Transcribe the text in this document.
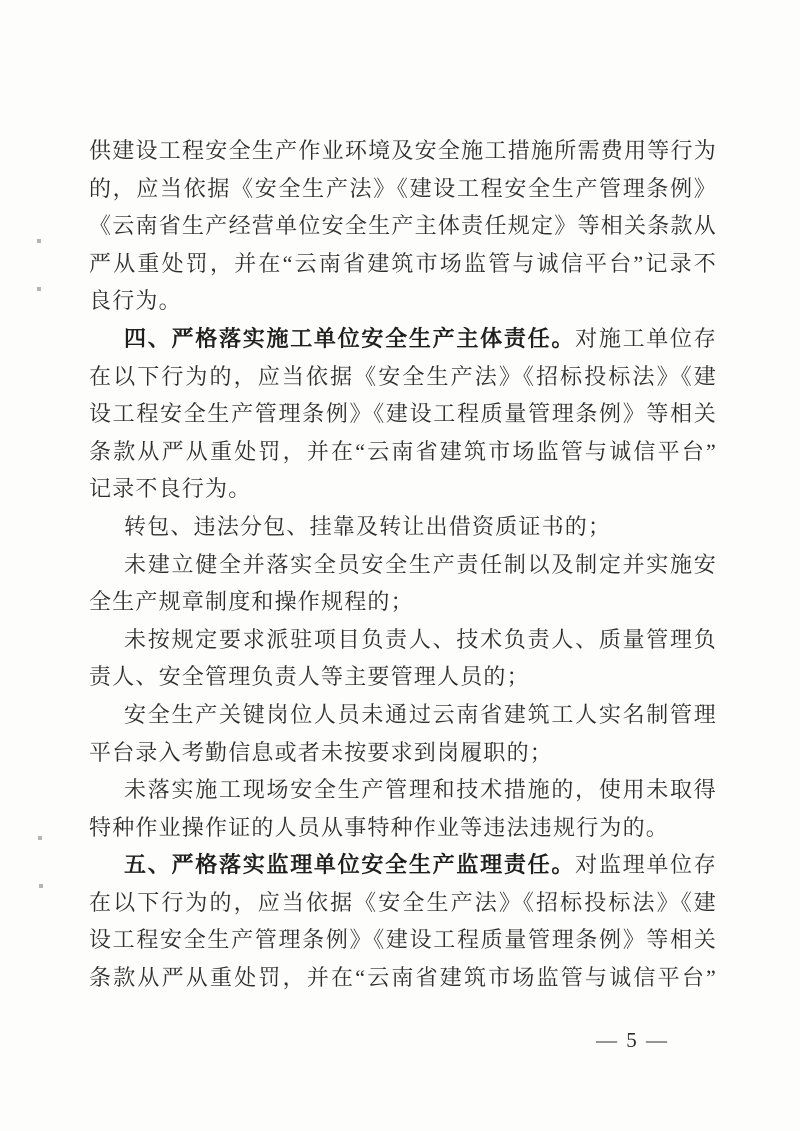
供建设工程安全生产作业环境及安全施工措施所需费用等行为
的，应当依据《安全生产法》《建设工程安全生产管理条例》
《云南省生产经营单位安全生产主体责任规定》等相关条款从
严从重处罚，并在“云南省建筑市场监管与诚信平台”记录不
良行为。
四、严格落实施工单位安全生产主体责任。对施工单位存
在以下行为的，应当依据《安全生产法》《招标投标法》《建
设工程安全生产管理条例》《建设工程质量管理条例》等相关
条款从严从重处罚，并在“云南省建筑市场监管与诚信平台”
记录不良行为。
转包、违法分包、挂靠及转让出借资质证书的；
未建立健全并落实全员安全生产责任制以及制定并实施安
全生产规章制度和操作规程的；
未按规定要求派驻项目负责人、技术负责人、质量管理负
责人、安全管理负责人等主要管理人员的；
安全生产关键岗位人员未通过云南省建筑工人实名制管理
平台录入考勤信息或者未按要求到岗履职的；
未落实施工现场安全生产管理和技术措施的，使用未取得
特种作业操作证的人员从事特种作业等违法违规行为的。
五、严格落实监理单位安全生产监理责任。对监理单位存
在以下行为的，应当依据《安全生产法》《招标投标法》《建
设工程安全生产管理条例》《建设工程质量管理条例》等相关
条款从严从重处罚，并在“云南省建筑市场监管与诚信平台”
— 5 —
